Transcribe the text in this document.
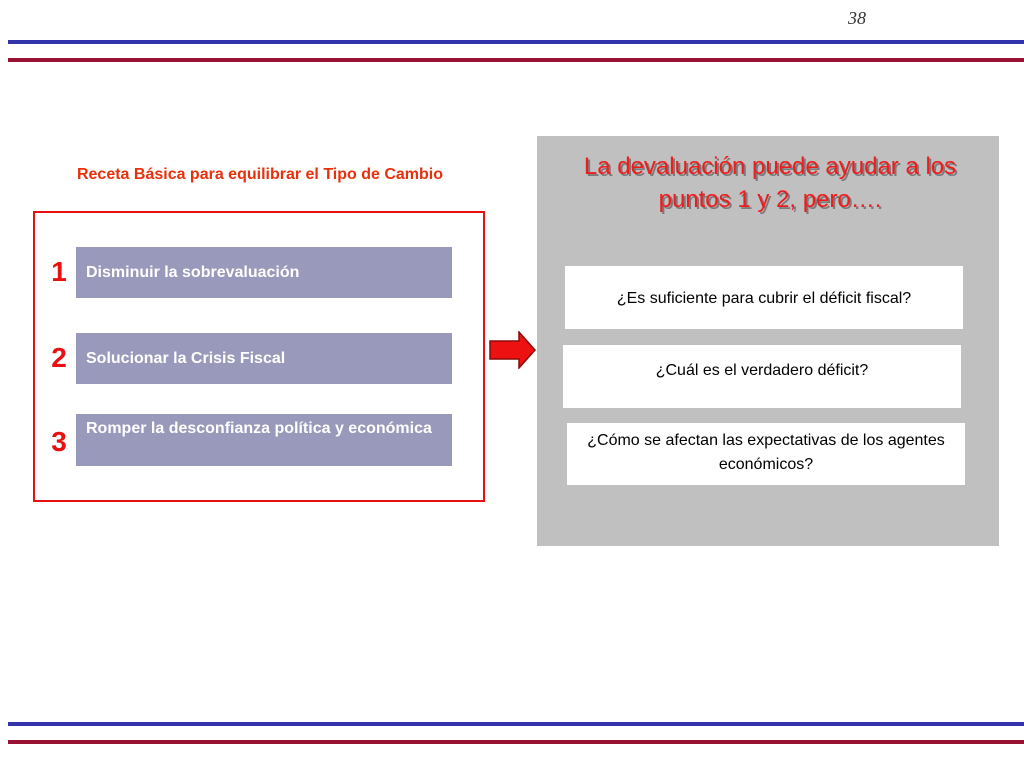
38
Receta Básica para equilibrar el Tipo de Cambio
1	Disminuir la sobrevaluación
2	Solucionar la Crisis Fiscal
3	Romper la desconfianza política y económica
La devaluación puede ayudar a los puntos 1 y 2, pero….
¿Es suficiente para cubrir el déficit fiscal?
¿Cuál es el verdadero déficit?
¿Cómo se afectan las expectativas de los agentes económicos?
